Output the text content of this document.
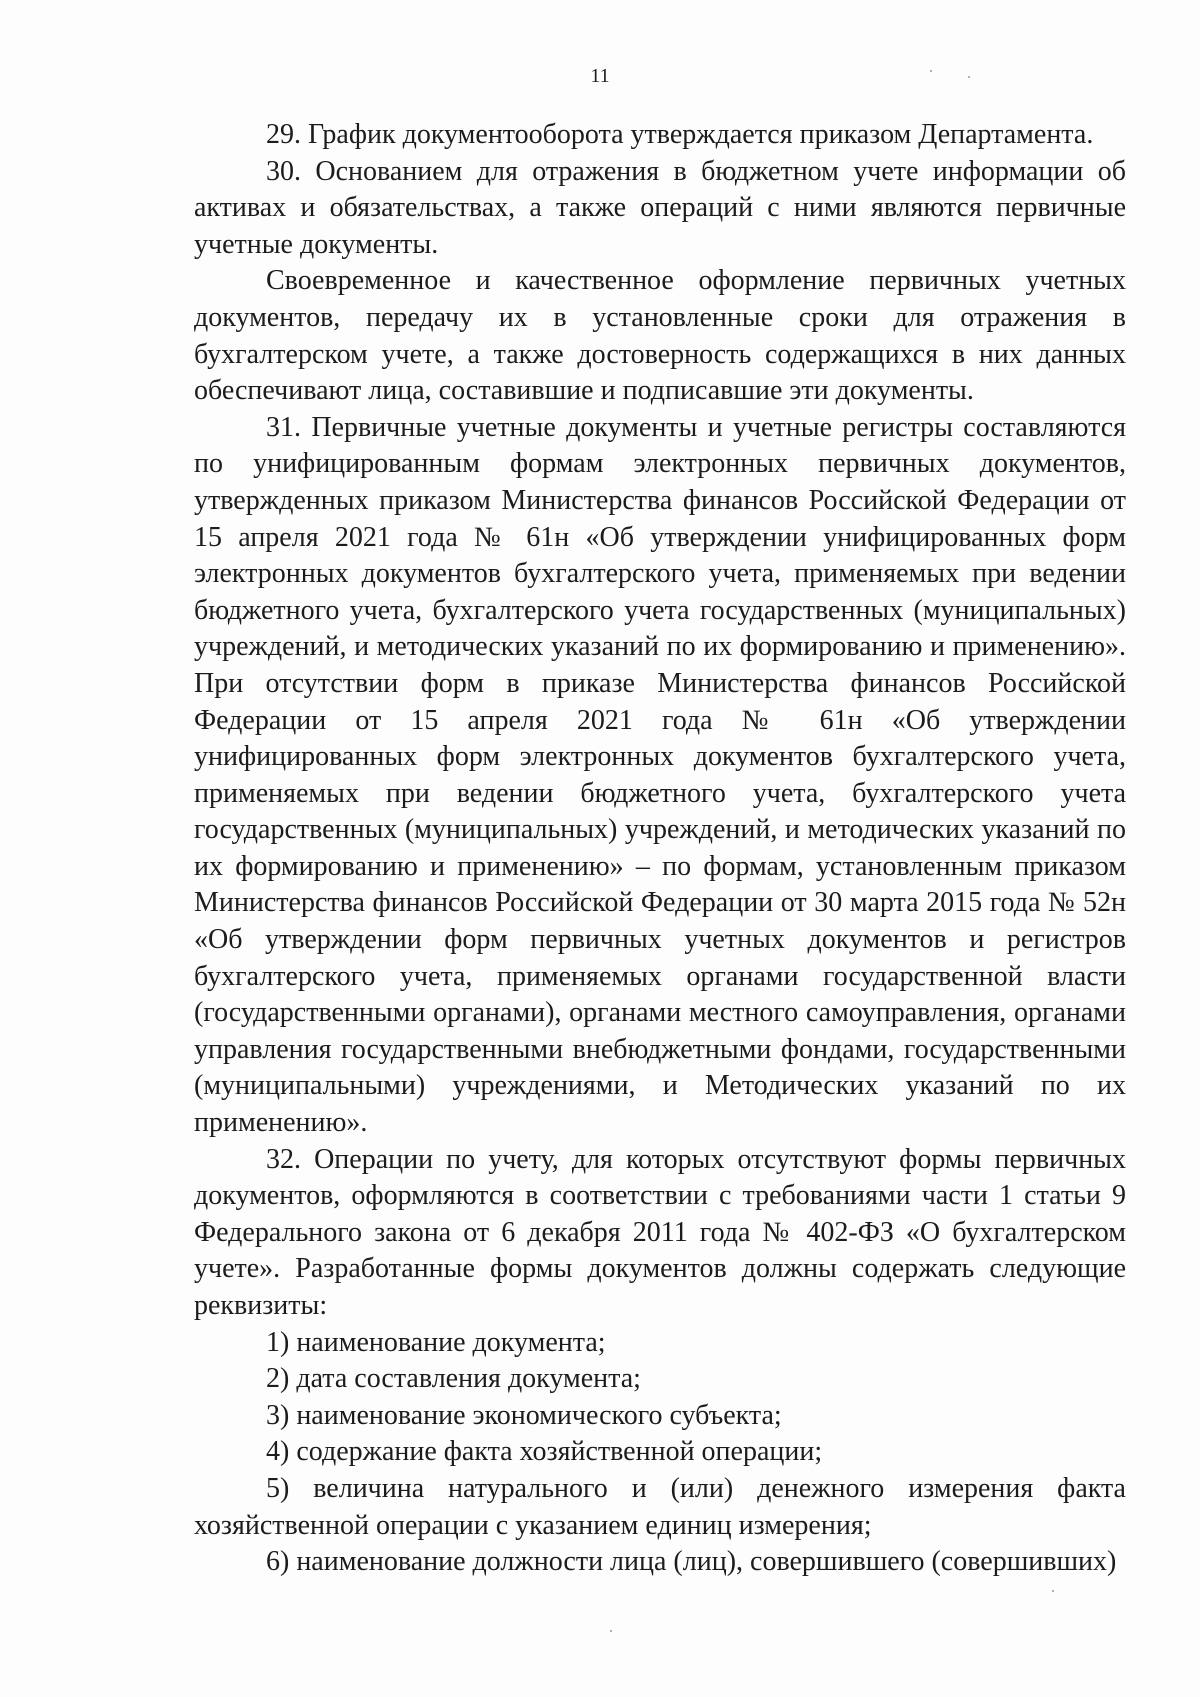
11

29. График документооборота утверждается приказом Департамента.

30. Основанием для отражения в бюджетном учете информации об активах и обязательствах, а также операций с ними являются первичные учетные документы.

Своевременное и качественное оформление первичных учетных документов, передачу их в установленные сроки для отражения в бухгалтерском учете, а также достоверность содержащихся в них данных обеспечивают лица, составившие и подписавшие эти документы.

31. Первичные учетные документы и учетные регистры составляются по унифицированным формам электронных первичных документов, утвержденных приказом Министерства финансов Российской Федерации от 15 апреля 2021 года № 61н «Об утверждении унифицированных форм электронных документов бухгалтерского учета, применяемых при ведении бюджетного учета, бухгалтерского учета государственных (муниципальных) учреждений, и методических указаний по их формированию и применению». При отсутствии форм в приказе Министерства финансов Российской Федерации от 15 апреля 2021 года № 61н «Об утверждении унифицированных форм электронных документов бухгалтерского учета, применяемых при ведении бюджетного учета, бухгалтерского учета государственных (муниципальных) учреждений, и методических указаний по их формированию и применению» – по формам, установленным приказом Министерства финансов Российской Федерации от 30 марта 2015 года № 52н «Об утверждении форм первичных учетных документов и регистров бухгалтерского учета, применяемых органами государственной власти (государственными органами), органами местного самоуправления, органами управления государственными внебюджетными фондами, государственными (муниципальными) учреждениями, и Методических указаний по их применению».

32. Операции по учету, для которых отсутствуют формы первичных документов, оформляются в соответствии с требованиями части 1 статьи 9 Федерального закона от 6 декабря 2011 года № 402-ФЗ «О бухгалтерском учете». Разработанные формы документов должны содержать следующие реквизиты:

1) наименование документа;

2) дата составления документа;

3) наименование экономического субъекта;

4) содержание факта хозяйственной операции;

5) величина натурального и (или) денежного измерения факта хозяйственной операции с указанием единиц измерения;

6) наименование должности лица (лиц), совершившего (совершивших)
